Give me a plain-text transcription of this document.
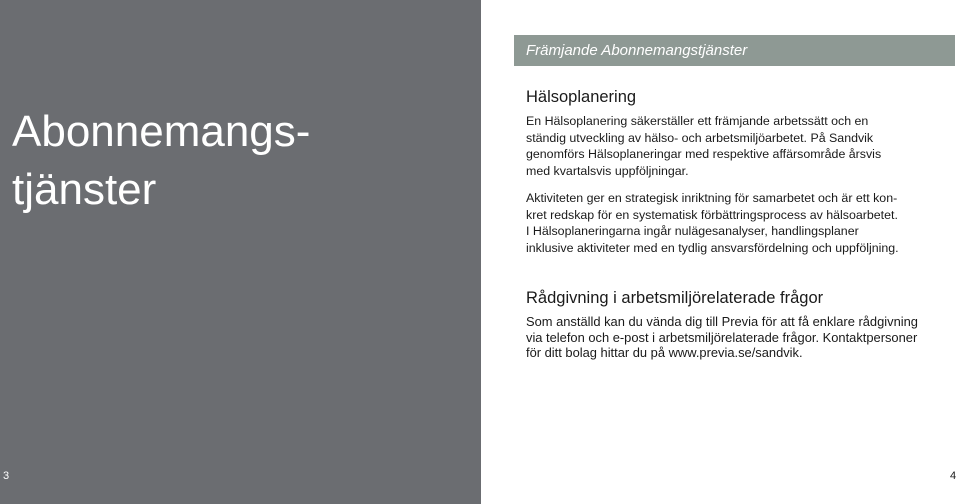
Abonnemangs-
tjänster
3
Främjande Abonnemangstjänster
Hälsoplanering

En Hälsoplanering säkerställer ett främjande arbetssätt och en
ständig utveckling av hälso- och arbetsmiljöarbetet. På Sandvik
genomförs Hälsoplaneringar med respektive affärsområde årsvis
med kvartalsvis uppföljningar.

Aktiviteten ger en strategisk inriktning för samarbetet och är ett kon-
kret redskap för en systematisk förbättringsprocess av hälsoarbetet.
I Hälsoplaneringarna ingår nulägesanalyser, handlingsplaner
inklusive aktiviteter med en tydlig ansvarsfördelning och uppföljning.

Rådgivning i arbetsmiljörelaterade frågor

Som anställd kan du vända dig till Previa för att få enklare rådgivning
via telefon och e-post i arbetsmiljörelaterade frågor. Kontaktpersoner
för ditt bolag hittar du på www.previa.se/sandvik.

4
